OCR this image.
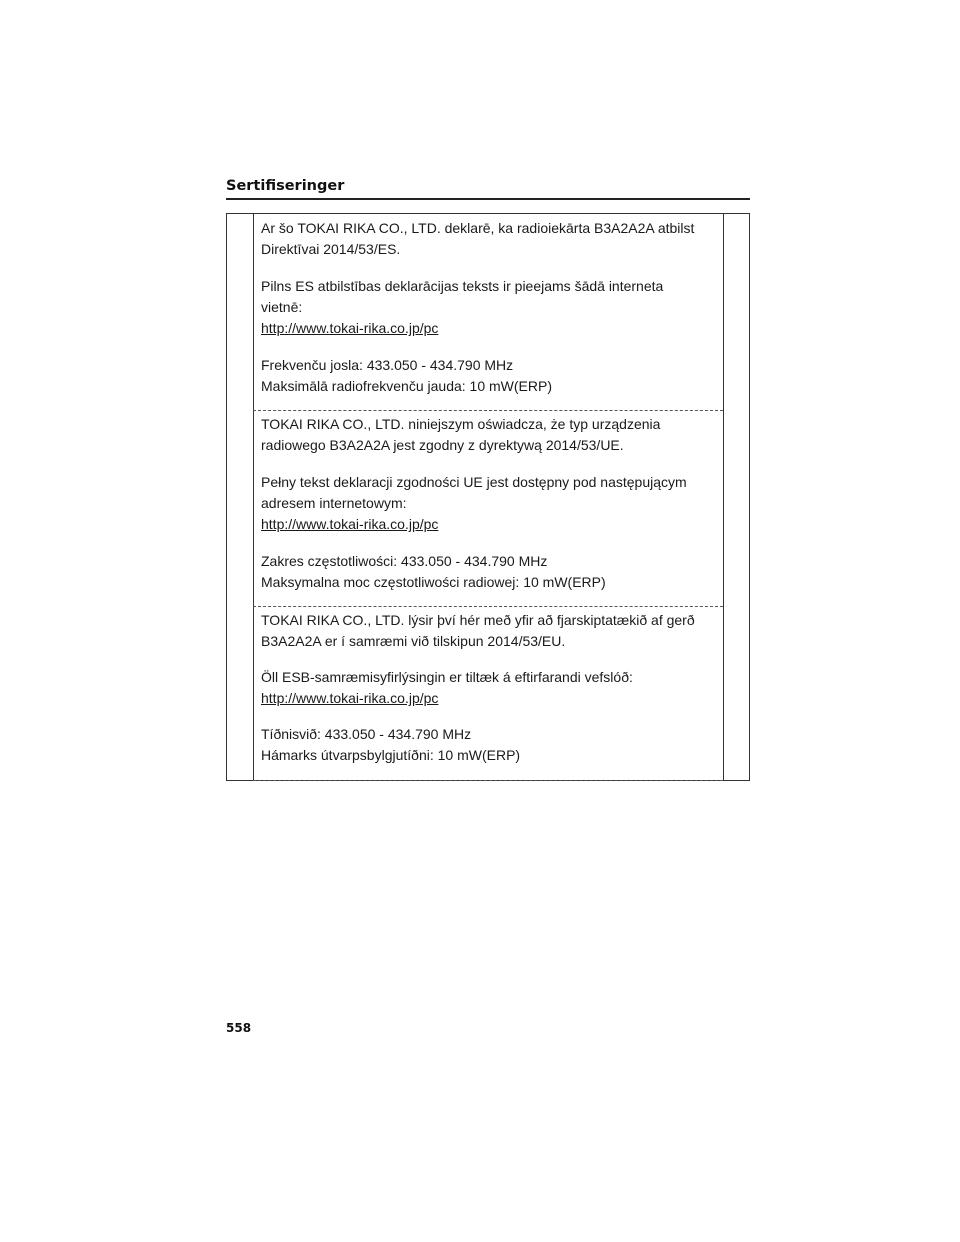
Sertifiseringer

Ar šo TOKAI RIKA CO., LTD. deklarē, ka radioiekārta B3A2A2A atbilst

Direktīvai 2014/53/ES.

Pilns ES atbilstības deklarācijas teksts ir pieejams šādā interneta

vietnē:

http://www.tokai-rika.co.jp/pc

Frekvenču josla: 433.050 - 434.790 MHz

Maksimālā radiofrekvenču jauda: 10 mW(ERP)

TOKAI RIKA CO., LTD. niniejszym oświadcza, że typ urządzenia

radiowego B3A2A2A jest zgodny z dyrektywą 2014/53/UE.

Pełny tekst deklaracji zgodności UE jest dostępny pod następującym

adresem internetowym:

http://www.tokai-rika.co.jp/pc

Zakres częstotliwości: 433.050 - 434.790 MHz

Maksymalna moc częstotliwości radiowej: 10 mW(ERP)

TOKAI RIKA CO., LTD. lýsir því hér með yfir að fjarskiptatækið af gerð

B3A2A2A er í samræmi við tilskipun 2014/53/EU.

Öll ESB-samræmisyfirlýsingin er tiltæk á eftirfarandi vefslóð:

http://www.tokai-rika.co.jp/pc

Tíðnisvið: 433.050 - 434.790 MHz

Hámarks útvarpsbylgjutíðni: 10 mW(ERP)

558
